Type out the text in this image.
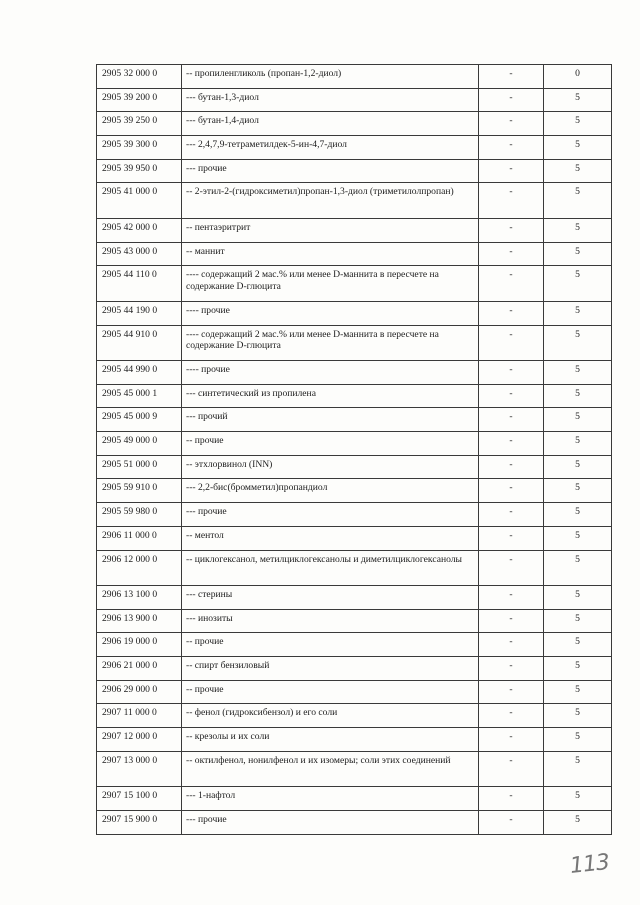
2905 32 000 0	-- пропиленгликоль (пропан-1,2-диол)	-	0
2905 39 200 0	--- бутан-1,3-диол	-	5
2905 39 250 0	--- бутан-1,4-диол	-	5
2905 39 300 0	--- 2,4,7,9-тетраметилдек-5-ин-4,7-диол	-	5
2905 39 950 0	--- прочие	-	5
2905 41 000 0	-- 2-этил-2-(гидроксиметил)пропан-1,3-диол (триметилолпропан)	-	5
2905 42 000 0	-- пентаэритрит	-	5
2905 43 000 0	-- маннит	-	5
2905 44 110 0	---- содержащий 2 мас.% или менее D-маннита в пересчете на содержание D-глюцита	-	5
2905 44 190 0	---- прочие	-	5
2905 44 910 0	---- содержащий 2 мас.% или менее D-маннита в пересчете на содержание D-глюцита	-	5
2905 44 990 0	---- прочие	-	5
2905 45 000 1	--- синтетический из пропилена	-	5
2905 45 000 9	--- прочий	-	5
2905 49 000 0	-- прочие	-	5
2905 51 000 0	-- этхлорвинол (INN)	-	5
2905 59 910 0	--- 2,2-бис(бромметил)пропандиол	-	5
2905 59 980 0	--- прочие	-	5
2906 11 000 0	-- ментол	-	5
2906 12 000 0	-- циклогексанол, метилциклогексанолы и диметилциклогексанолы	-	5
2906 13 100 0	--- стерины	-	5
2906 13 900 0	--- инозиты	-	5
2906 19 000 0	-- прочие	-	5
2906 21 000 0	-- спирт бензиловый	-	5
2906 29 000 0	-- прочие	-	5
2907 11 000 0	-- фенол (гидроксибензол) и его соли	-	5
2907 12 000 0	-- крезолы и их соли	-	5
2907 13 000 0	-- октилфенол, нонилфенол и их изомеры; соли этих соединений	-	5
2907 15 100 0	--- 1-нафтол	-	5
2907 15 900 0	--- прочие	-	5
113
